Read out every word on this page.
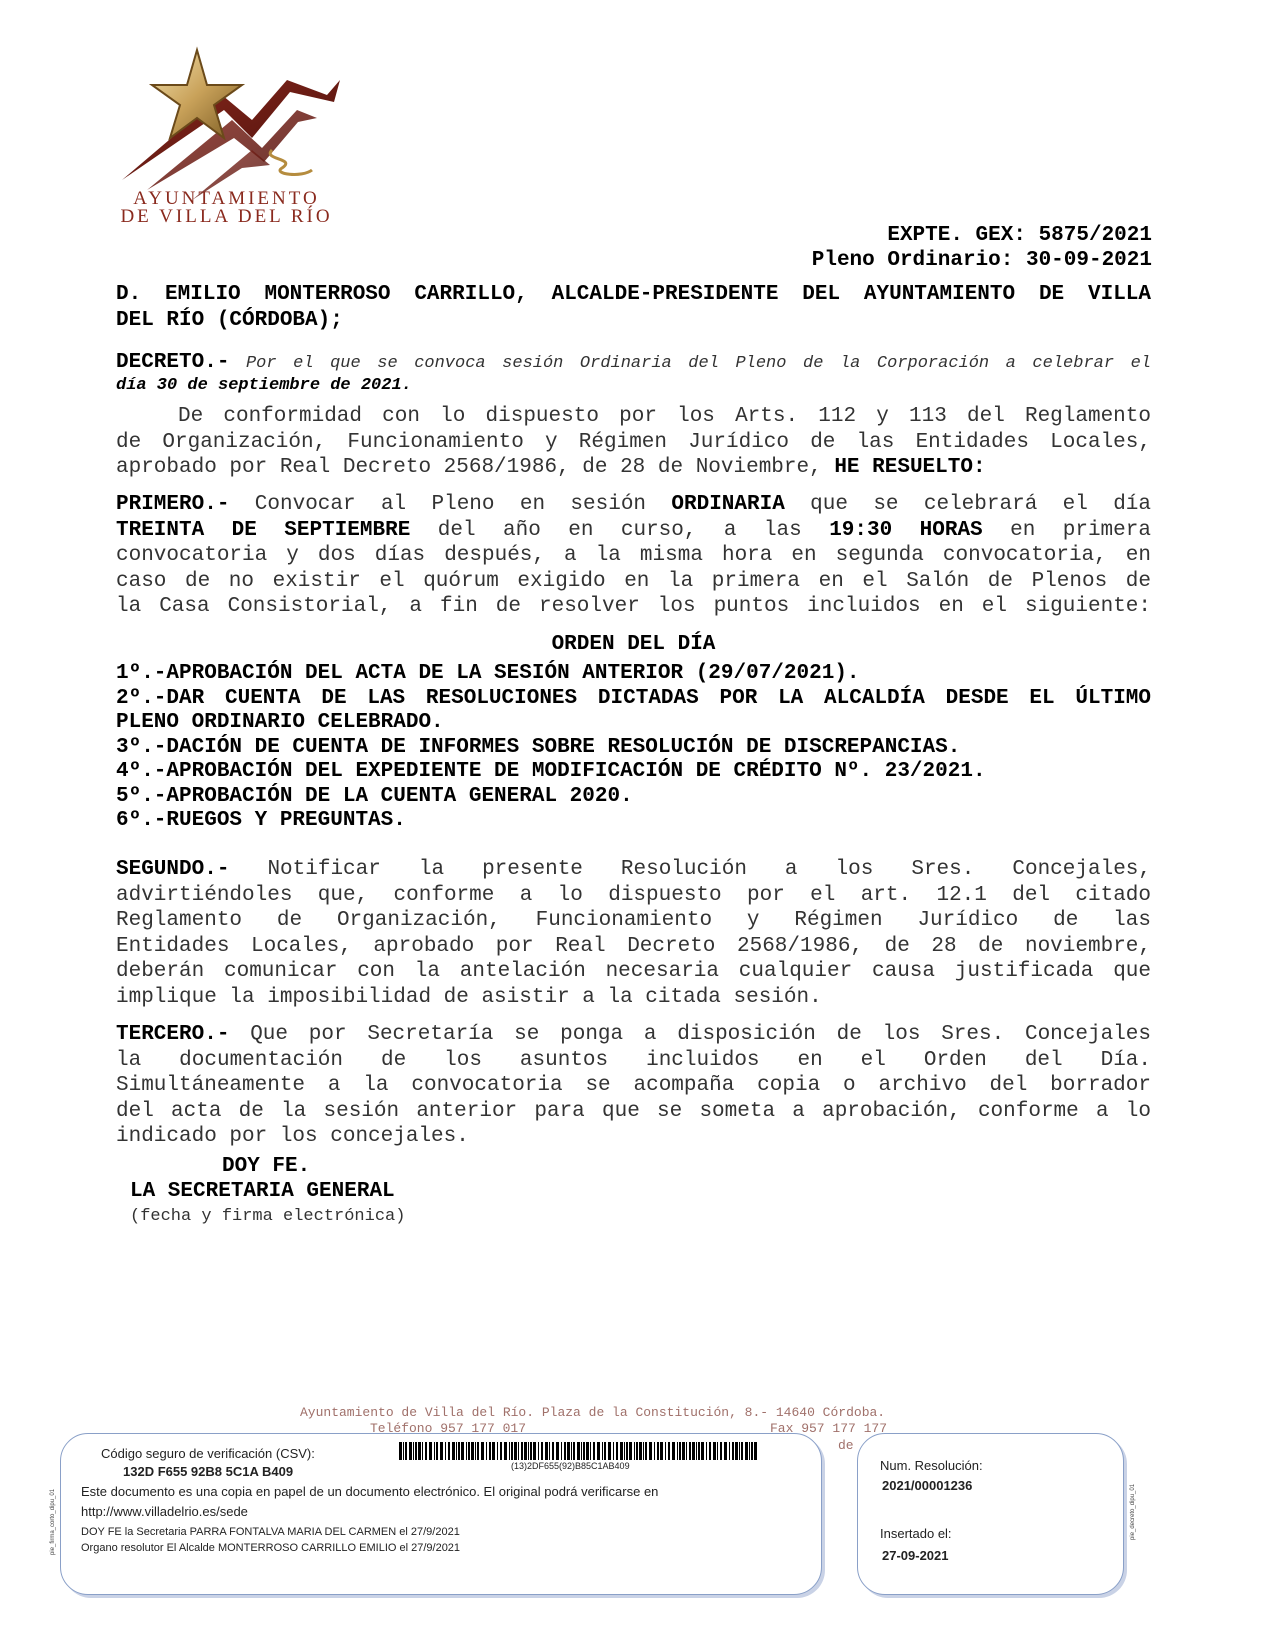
AYUNTAMIENTO
DE VILLA DEL RÍO
EXPTE. GEX: 5875/2021
Pleno Ordinario: 30-09-2021
D. EMILIO MONTERROSO CARRILLO, ALCALDE-PRESIDENTE DEL AYUNTAMIENTO DE VILLA
DEL RÍO (CÓRDOBA);
DECRETO.- Por el que se convoca sesión Ordinaria del Pleno de la Corporación a celebrar el
día 30 de septiembre de 2021.
De conformidad con lo dispuesto por los Arts. 112 y 113 del Reglamento
de Organización, Funcionamiento y Régimen Jurídico de las Entidades Locales,
aprobado por Real Decreto 2568/1986, de 28 de Noviembre, HE RESUELTO:
PRIMERO.- Convocar al Pleno en sesión ORDINARIA que se celebrará el día
TREINTA DE SEPTIEMBRE del año en curso, a las 19:30 HORAS en primera
convocatoria y dos días después, a la misma hora en segunda convocatoria, en
caso de no existir el quórum exigido en la primera en el Salón de Plenos de
la Casa Consistorial, a fin de resolver los puntos incluidos en el siguiente:
ORDEN DEL DÍA
1º.-APROBACIÓN DEL ACTA DE LA SESIÓN ANTERIOR (29/07/2021).
2º.-DAR CUENTA DE LAS RESOLUCIONES DICTADAS POR LA ALCALDÍA DESDE EL ÚLTIMO
PLENO ORDINARIO CELEBRADO.
3º.-DACIÓN DE CUENTA DE INFORMES SOBRE RESOLUCIÓN DE DISCREPANCIAS.
4º.-APROBACIÓN DEL EXPEDIENTE DE MODIFICACIÓN DE CRÉDITO Nº. 23/2021.
5º.-APROBACIÓN DE LA CUENTA GENERAL 2020.
6º.-RUEGOS Y PREGUNTAS.
SEGUNDO.- Notificar la presente Resolución a los Sres. Concejales,
advirtiéndoles que, conforme a lo dispuesto por el art. 12.1 del citado
Reglamento de Organización, Funcionamiento y Régimen Jurídico de las
Entidades Locales, aprobado por Real Decreto 2568/1986, de 28 de noviembre,
deberán comunicar con la antelación necesaria cualquier causa justificada que
implique la imposibilidad de asistir a la citada sesión.
TERCERO.- Que por Secretaría se ponga a disposición de los Sres. Concejales
la documentación de los asuntos incluidos en el Orden del Día.
Simultáneamente a la convocatoria se acompaña copia o archivo del borrador
del acta de la sesión anterior para que se someta a aprobación, conforme a lo
indicado por los concejales.
DOY FE.
LA SECRETARIA GENERAL
(fecha y firma electrónica)
Ayuntamiento de Villa del Río. Plaza de la Constitución, 8.- 14640 Córdoba.
Teléfono 957 177 017	Fax 957 177 177
de
Código seguro de verificación (CSV):
132D F655 92B8 5C1A B409	(13)2DF655(92)B85C1AB409
Este documento es una copia en papel de un documento electrónico. El original podrá verificarse en
http://www.villadelrio.es/sede
DOY FE la Secretaria PARRA FONTALVA MARIA DEL CARMEN el 27/9/2021
Organo resolutor El Alcalde MONTERROSO CARRILLO EMILIO el 27/9/2021
pie_firma_corto_dipu_01
Num. Resolución:
2021/00001236
Insertado el:
27-09-2021
pie_decreto_dipu_01
